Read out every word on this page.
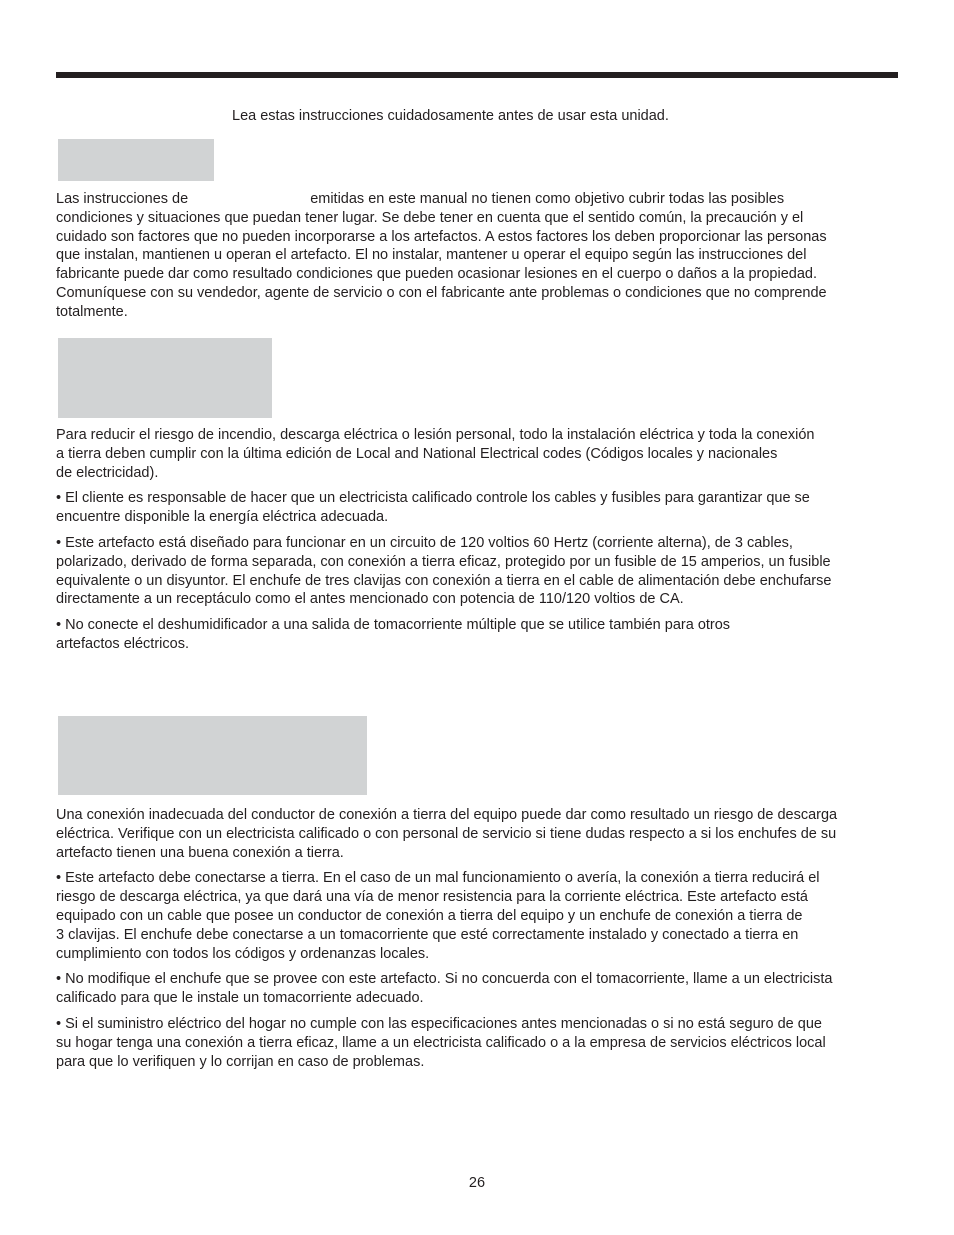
Lea estas instrucciones cuidadosamente antes de usar esta unidad.

Las instrucciones de	emitidas en este manual no tienen como objetivo cubrir todas las posibles

condiciones y situaciones que puedan tener lugar. Se debe tener en cuenta que el sentido común, la precaución y el

cuidado son factores que no pueden incorporarse a los artefactos. A estos factores los deben proporcionar las personas

que instalan, mantienen u operan el artefacto. El no instalar, mantener u operar el equipo según las instrucciones del

fabricante puede dar como resultado condiciones que pueden ocasionar lesiones en el cuerpo o daños a la propiedad.

Comuníquese con su vendedor, agente de servicio o con el fabricante ante problemas o condiciones que no comprende

totalmente.

Para reducir el riesgo de incendio, descarga eléctrica o lesión personal, todo la instalación eléctrica y toda la conexión

a tierra deben cumplir con la última edición de Local and National Electrical codes (Códigos locales y nacionales

de electricidad).

• El cliente es responsable de hacer que un electricista calificado controle los cables y fusibles para garantizar que se

encuentre disponible la energía eléctrica adecuada.

• Este artefacto está diseñado para funcionar en un circuito de 120 voltios 60 Hertz (corriente alterna), de 3 cables,

polarizado, derivado de forma separada, con conexión a tierra eficaz, protegido por un fusible de 15 amperios, un fusible

equivalente o un disyuntor. El enchufe de tres clavijas con conexión a tierra en el cable de alimentación debe enchufarse

directamente a un receptáculo como el antes mencionado con potencia de 110/120 voltios de CA.

• No conecte el deshumidificador a una salida de tomacorriente múltiple que se utilice también para otros

artefactos eléctricos.

Una conexión inadecuada del conductor de conexión a tierra del equipo puede dar como resultado un riesgo de descarga

eléctrica. Verifique con un electricista calificado o con personal de servicio si tiene dudas respecto a si los enchufes de su

artefacto tienen una buena conexión a tierra.

• Este artefacto debe conectarse a tierra. En el caso de un mal funcionamiento o avería, la conexión a tierra reducirá el

riesgo de descarga eléctrica, ya que dará una vía de menor resistencia para la corriente eléctrica. Este artefacto está

equipado con un cable que posee un conductor de conexión a tierra del equipo y un enchufe de conexión a tierra de

3 clavijas. El enchufe debe conectarse a un tomacorriente que esté correctamente instalado y conectado a tierra en

cumplimiento con todos los códigos y ordenanzas locales.

• No modifique el enchufe que se provee con este artefacto. Si no concuerda con el tomacorriente, llame a un electricista

calificado para que le instale un tomacorriente adecuado.

• Si el suministro eléctrico del hogar no cumple con las especificaciones antes mencionadas o si no está seguro de que

su hogar tenga una conexión a tierra eficaz, llame a un electricista calificado o a la empresa de servicios eléctricos local

para que lo verifiquen y lo corrijan en caso de problemas.

26
